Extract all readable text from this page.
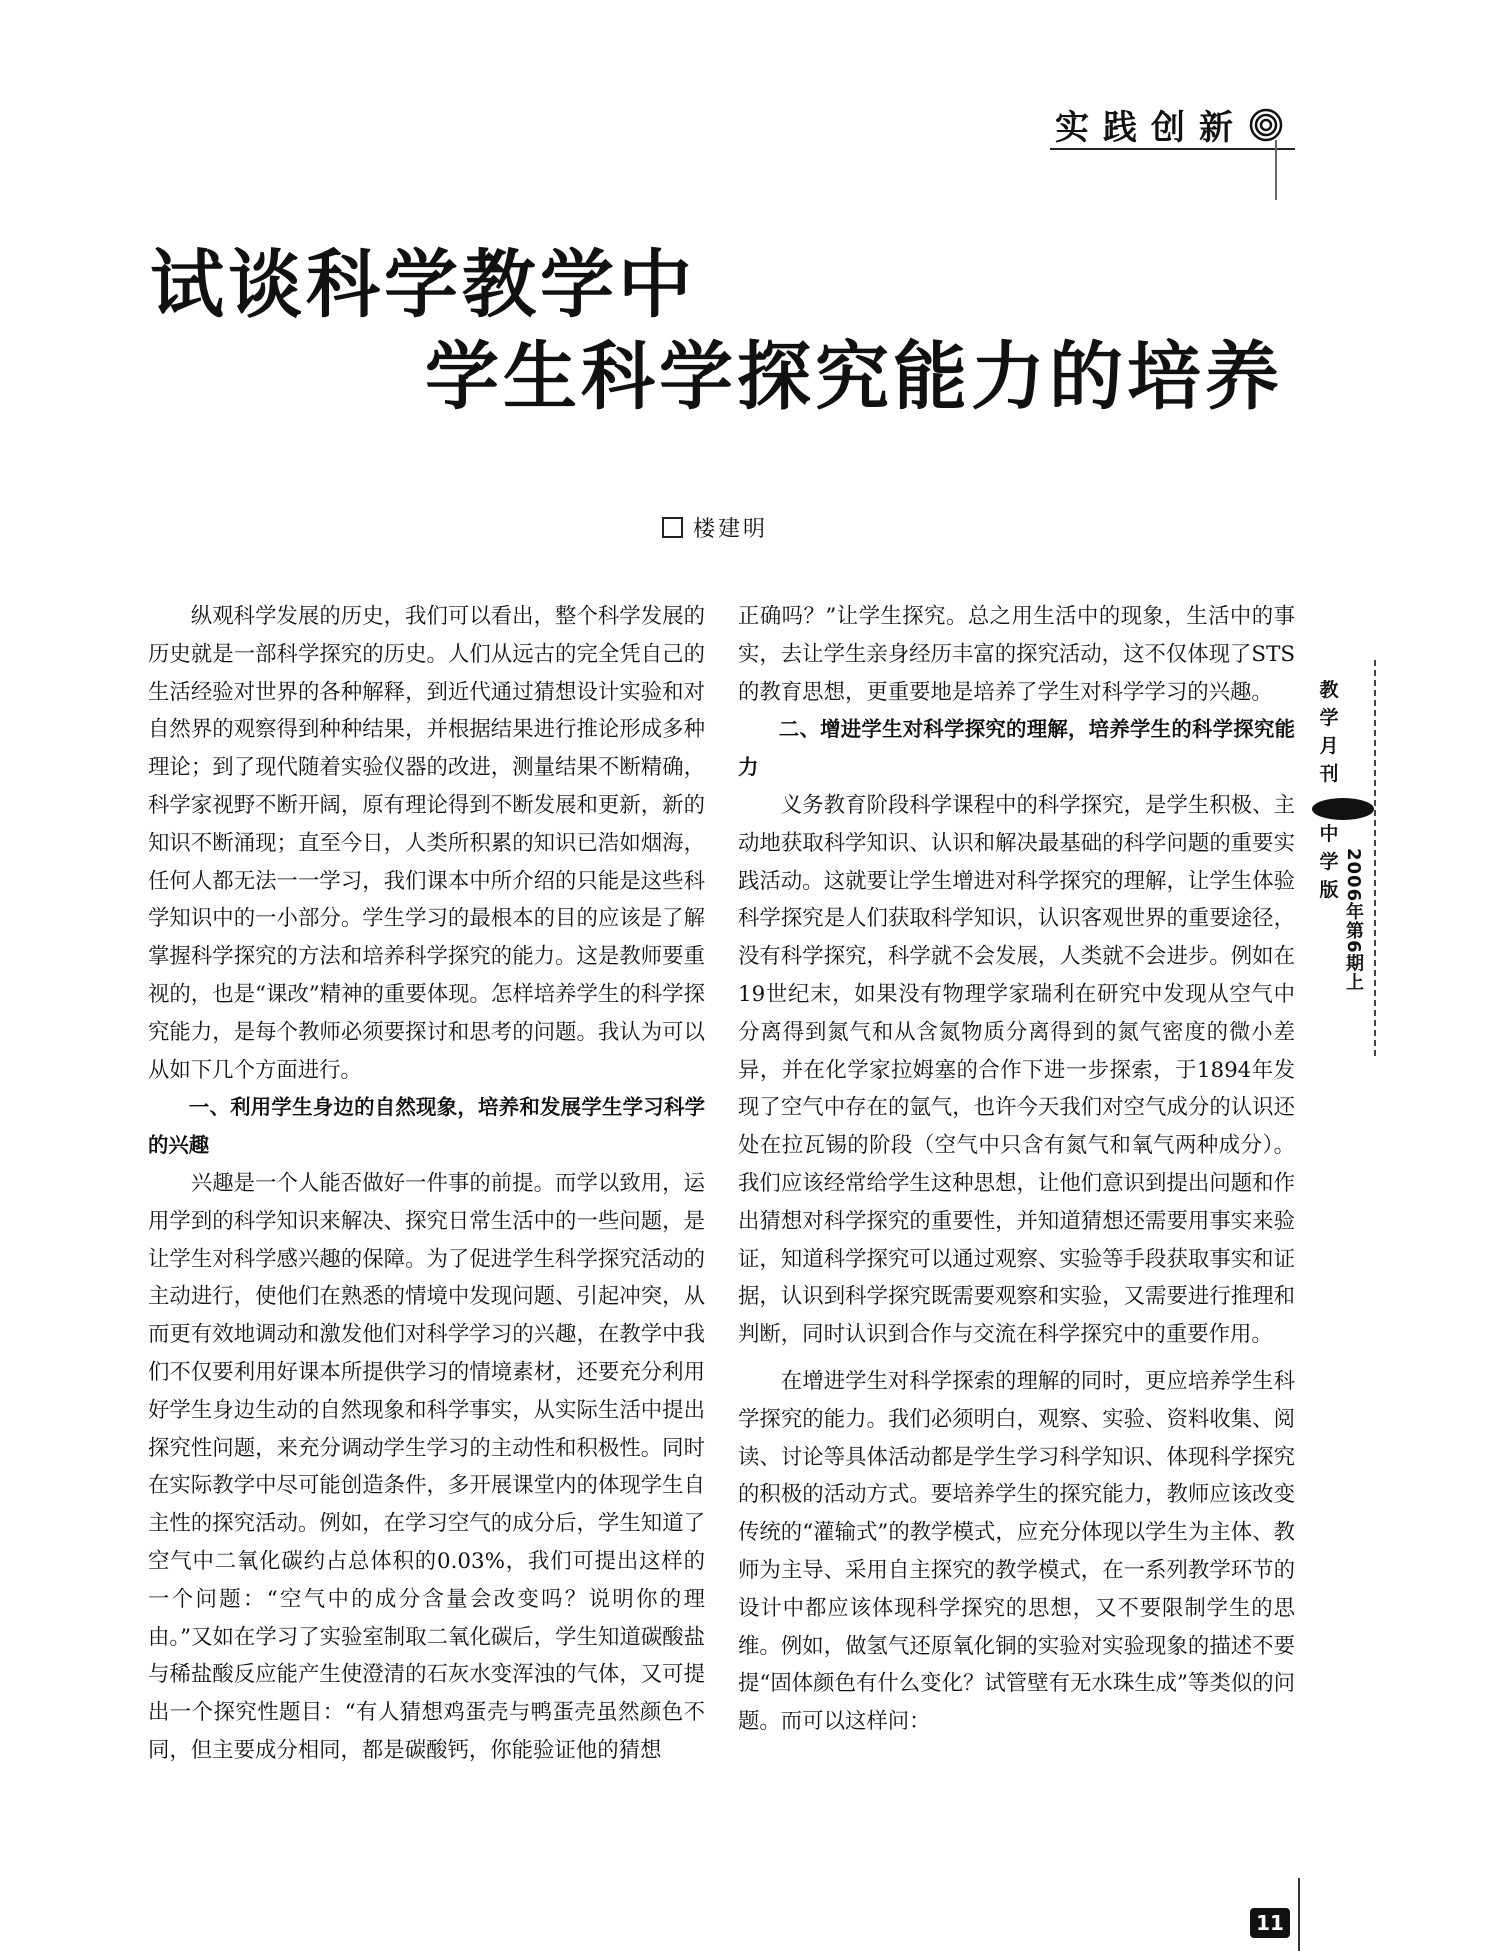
实践创新
试谈科学教学中
学生科学探究能力的培养
楼建明

纵观科学发展的历史，我们可以看出，整个科学发展的历史就是一部科学探究的历史。人们从远古的完全凭自己的生活经验对世界的各种解释，到近代通过猜想设计实验和对自然界的观察得到种种结果，并根据结果进行推论形成多种理论；到了现代随着实验仪器的改进，测量结果不断精确，科学家视野不断开阔，原有理论得到不断发展和更新，新的知识不断涌现；直至今日，人类所积累的知识已浩如烟海，任何人都无法一一学习，我们课本中所介绍的只能是这些科学知识中的一小部分。学生学习的最根本的目的应该是了解掌握科学探究的方法和培养科学探究的能力。这是教师要重视的，也是“课改”精神的重要体现。怎样培养学生的科学探究能力，是每个教师必须要探讨和思考的问题。我认为可以从如下几个方面进行。

一、利用学生身边的自然现象，培养和发展学生学习科学的兴趣

兴趣是一个人能否做好一件事的前提。而学以致用，运用学到的科学知识来解决、探究日常生活中的一些问题，是让学生对科学感兴趣的保障。为了促进学生科学探究活动的主动进行，使他们在熟悉的情境中发现问题、引起冲突，从而更有效地调动和激发他们对科学学习的兴趣，在教学中我们不仅要利用好课本所提供学习的情境素材，还要充分利用好学生身边生动的自然现象和科学事实，从实际生活中提出探究性问题，来充分调动学生学习的主动性和积极性。同时在实际教学中尽可能创造条件，多开展课堂内的体现学生自主性的探究活动。例如，在学习空气的成分后，学生知道了空气中二氧化碳约占总体积的0.03%，我们可提出这样的一个问题：“空气中的成分含量会改变吗？说明你的理由。”又如在学习了实验室制取二氧化碳后，学生知道碳酸盐与稀盐酸反应能产生使澄清的石灰水变浑浊的气体，又可提出一个探究性题目：“有人猜想鸡蛋壳与鸭蛋壳虽然颜色不同，但主要成分相同，都是碳酸钙，你能验证他的猜想

正确吗？”让学生探究。总之用生活中的现象，生活中的事实，去让学生亲身经历丰富的探究活动，这不仅体现了STS的教育思想，更重要地是培养了学生对科学学习的兴趣。

二、增进学生对科学探究的理解，培养学生的科学探究能力

义务教育阶段科学课程中的科学探究，是学生积极、主动地获取科学知识、认识和解决最基础的科学问题的重要实践活动。这就要让学生增进对科学探究的理解，让学生体验科学探究是人们获取科学知识，认识客观世界的重要途径，没有科学探究，科学就不会发展，人类就不会进步。例如在19世纪末，如果没有物理学家瑞利在研究中发现从空气中分离得到氮气和从含氮物质分离得到的氮气密度的微小差异，并在化学家拉姆塞的合作下进一步探索，于1894年发现了空气中存在的氩气，也许今天我们对空气成分的认识还处在拉瓦锡的阶段（空气中只含有氮气和氧气两种成分）。我们应该经常给学生这种思想，让他们意识到提出问题和作出猜想对科学探究的重要性，并知道猜想还需要用事实来验证，知道科学探究可以通过观察、实验等手段获取事实和证据，认识到科学探究既需要观察和实验，又需要进行推理和判断，同时认识到合作与交流在科学探究中的重要作用。

在增进学生对科学探索的理解的同时，更应培养学生科学探究的能力。我们必须明白，观察、实验、资料收集、阅读、讨论等具体活动都是学生学习科学知识、体现科学探究的积极的活动方式。要培养学生的探究能力，教师应该改变传统的“灌输式”的教学模式，应充分体现以学生为主体、教师为主导、采用自主探究的教学模式，在一系列教学环节的设计中都应该体现科学探究的思想，又不要限制学生的思维。例如，做氢气还原氧化铜的实验对实验现象的描述不要提“固体颜色有什么变化？试管壁有无水珠生成”等类似的问题。而可以这样问：

教学月刊
中学版 2006年第6期上
11
